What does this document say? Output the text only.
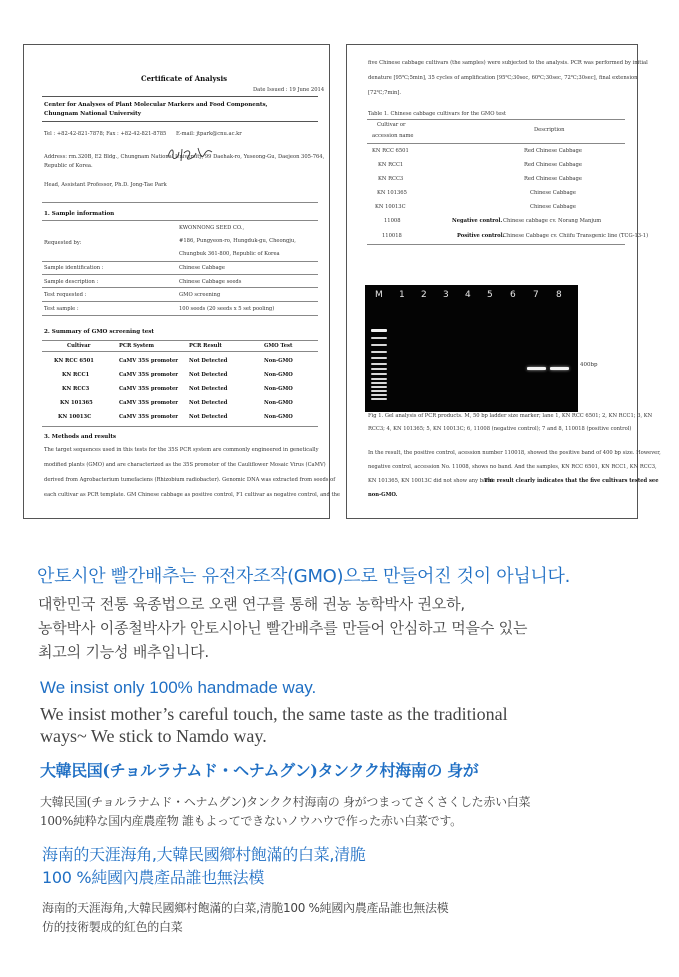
Certificate of Analysis
Date Issued : 19 June 2014
Center for Analyses of Plant Molecular Markers and Food Components,
Chungnam National University
Tel : +82-42-821-7878; Fax : +82-42-821-8785 E-mail: jtpark@cnu.ac.kr
Address: rm.320B, E2 Bldg., Chungnam National University, 99 Daehak-ro, Yuseong-Gu, Daejeon 305-764,
Republic of Korea.
Head, Assistant Professor, Ph.D. Jong-Tae Park
1. Sample information
Requested by:
KWONNONG SEED CO.,
#186, Pungyeon-ro, Hungduk-gu, Cheongju,
Chungbuk 361-800, Republic of Korea
Sample identification :	Chinese Cabbage
Sample description :	Chinese Cabbage seeds
Test requested :	GMO screening
Test sample :	100 seeds (20 seeds x 5 set pooling)
2. Summary of GMO screening test
Cultivar	PCR System	PCR Result	GMO Test
KN RCC 6501	CaMV 35S promoter Not Detected	Non-GMO
KN RCC1	CaMV 35S promoter Not Detected	Non-GMO
KN RCC3	CaMV 35S promoter Not Detected	Non-GMO
KN 101365	CaMV 35S promoter Not Detected	Non-GMO
KN 10013C	CaMV 35S promoter Not Detected	Non-GMO
3. Methods and results
The target sequences used in this tests for the 35S PCR system are commonly engineered in genetically
modified plants (GMO) and are characterized as the 35S promoter of the Cauliflower Mosaic Virus (CaMV)
derived from Agrobacterium tumefaciens (Rhizobium radiobacter). Genomic DNA was extracted from seeds of
each cultivar as PCR template. GM Chinese cabbage as positive control, F1 cultivar as negative control, and the
five Chinese cabbage cultivars (the samples) were subjected to the analysis. PCR was performed by initial
denature [95℃;5min], 35 cycles of amplification [95℃;30sec, 60℃;30sec, 72℃;30sec], final extension
[72℃;7min].
Table 1. Chinese cabbage cultivars for the GMO test
Cultivar or
accession name
Description
KN RCC 6501	Red Chinese Cabbage
KN RCC1	Red Chinese Cabbage
KN RCC3	Red Chinese Cabbage
KN 101365	Chinese Cabbage
KN 10013C	Chinese Cabbage
11008	Negative control. Chinese cabbage cv. Norang Manjum
110018	Positive control.
Chinese Cabbage cv. Chiifu Transgenic line (TCG-13-1)
M 1 2 3 4 5 6 7 8
400bp
Fig 1. Gel analysis of PCR products. M, 50 bp ladder size marker; lane 1, KN RCC 6501; 2, KN RCC1; 3, KN
RCC3; 4, KN 101365; 5, KN 10013C; 6, 11008 (negative control); 7 and 8, 110018 (positive control)
In the result, the positive control, acession number 110018, showed the positive band of 400 bp size. However,
negative control, accession No. 11008, shows no band. And the samples, KN RCC 6501, KN RCC1, KN RCC3,
KN 101365, KN 10013C did not show any band.
The result clearly indicates that the five cultivars tested see
non-GMO.
안토시안 빨간배추는 유전자조작(GMO)으로 만들어진 것이 아닙니다.
대한민국 전통 육종법으로 오랜 연구를 통해 권농 농학박사 권오하,
농학박사 이종철박사가 안토시아닌 빨간배추를 만들어 안심하고 먹을수 있는
최고의 기능성 배추입니다.
We insist only 100% handmade way.
We insist mother’s careful touch, the same taste as the traditional
ways~ We stick to Namdo way.
大韓民国(チョルラナムド・ヘナムグン)タンクク村海南の 身が
大韓民国(チョルラナムド・ヘナムグン)タンクク村海南の 身がつまってさくさくした赤い白菜
100%純粋な国内産農産物 誰もよってできないノウハウで作った赤い白菜です。
海南的天涯海角,大韓民國鄉村飽滿的白菜,清脆
100 %純國內農產品誰也無法模
海南的天涯海角,大韓民國鄉村飽滿的白菜,清脆100 %純國內農產品誰也無法模
仿的技術製成的紅色的白菜
